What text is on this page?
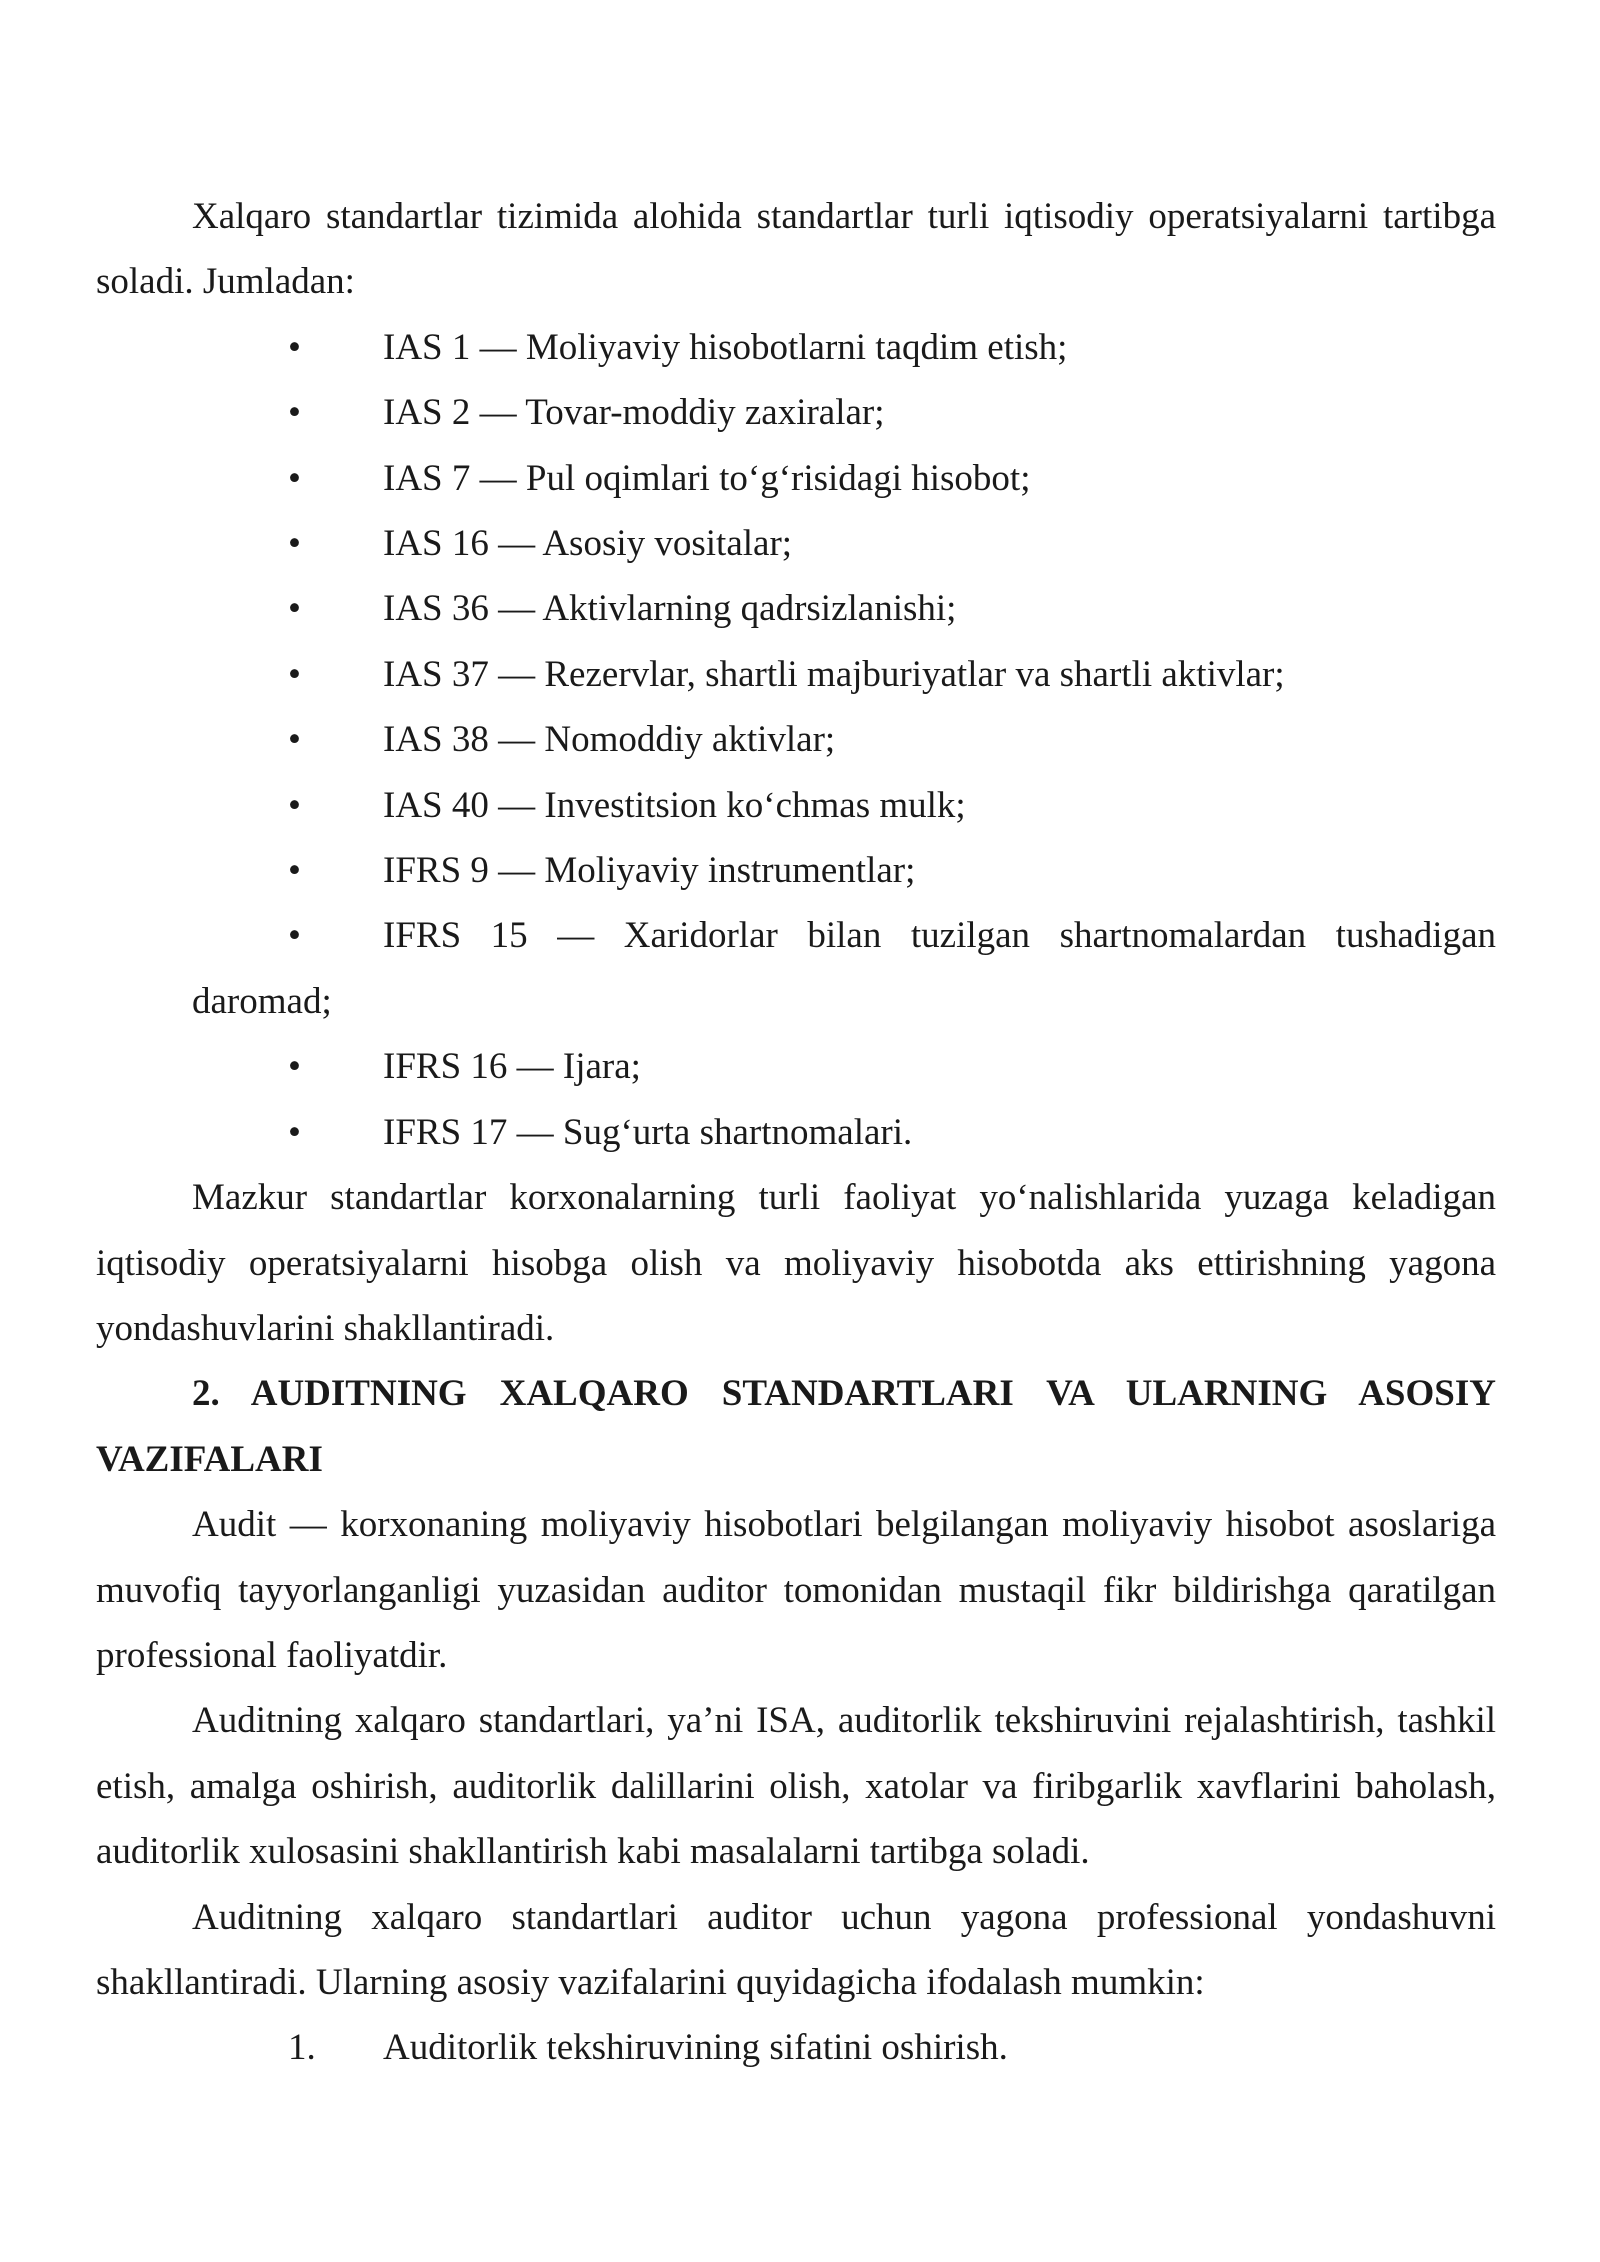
Xalqaro standartlar tizimida alohida standartlar turli iqtisodiy operatsiyalarni tartibga soladi. Jumladan:

• IAS 1 — Moliyaviy hisobotlarni taqdim etish;
• IAS 2 — Tovar-moddiy zaxiralar;
• IAS 7 — Pul oqimlari to‘g‘risidagi hisobot;
• IAS 16 — Asosiy vositalar;
• IAS 36 — Aktivlarning qadrsizlanishi;
• IAS 37 — Rezervlar, shartli majburiyatlar va shartli aktivlar;
• IAS 38 — Nomoddiy aktivlar;
• IAS 40 — Investitsion ko‘chmas mulk;
• IFRS 9 — Moliyaviy instrumentlar;
• IFRS 15 — Xaridorlar bilan tuzilgan shartnomalardan tushadigan daromad;
• IFRS 16 — Ijara;
• IFRS 17 — Sug‘urta shartnomalari.

Mazkur standartlar korxonalarning turli faoliyat yo‘nalishlarida yuzaga keladigan iqtisodiy operatsiyalarni hisobga olish va moliyaviy hisobotda aks ettirishning yagona yondashuvlarini shakllantiradi.

2. AUDITNING XALQARO STANDARTLARI VA ULARNING ASOSIY VAZIFALARI

Audit — korxonaning moliyaviy hisobotlari belgilangan moliyaviy hisobot asoslariga muvofiq tayyorlanganligi yuzasidan auditor tomonidan mustaqil fikr bildirishga qaratilgan professional faoliyatdir.

Auditning xalqaro standartlari, ya’ni ISA, auditorlik tekshiruvini rejalashtirish, tashkil etish, amalga oshirish, auditorlik dalillarini olish, xatolar va firibgarlik xavflarini baholash, auditorlik xulosasini shakllantirish kabi masalalarni tartibga soladi.

Auditning xalqaro standartlari auditor uchun yagona professional yondashuvni shakllantiradi. Ularning asosiy vazifalarini quyidagicha ifodalash mumkin:

1. Auditorlik tekshiruvining sifatini oshirish.
